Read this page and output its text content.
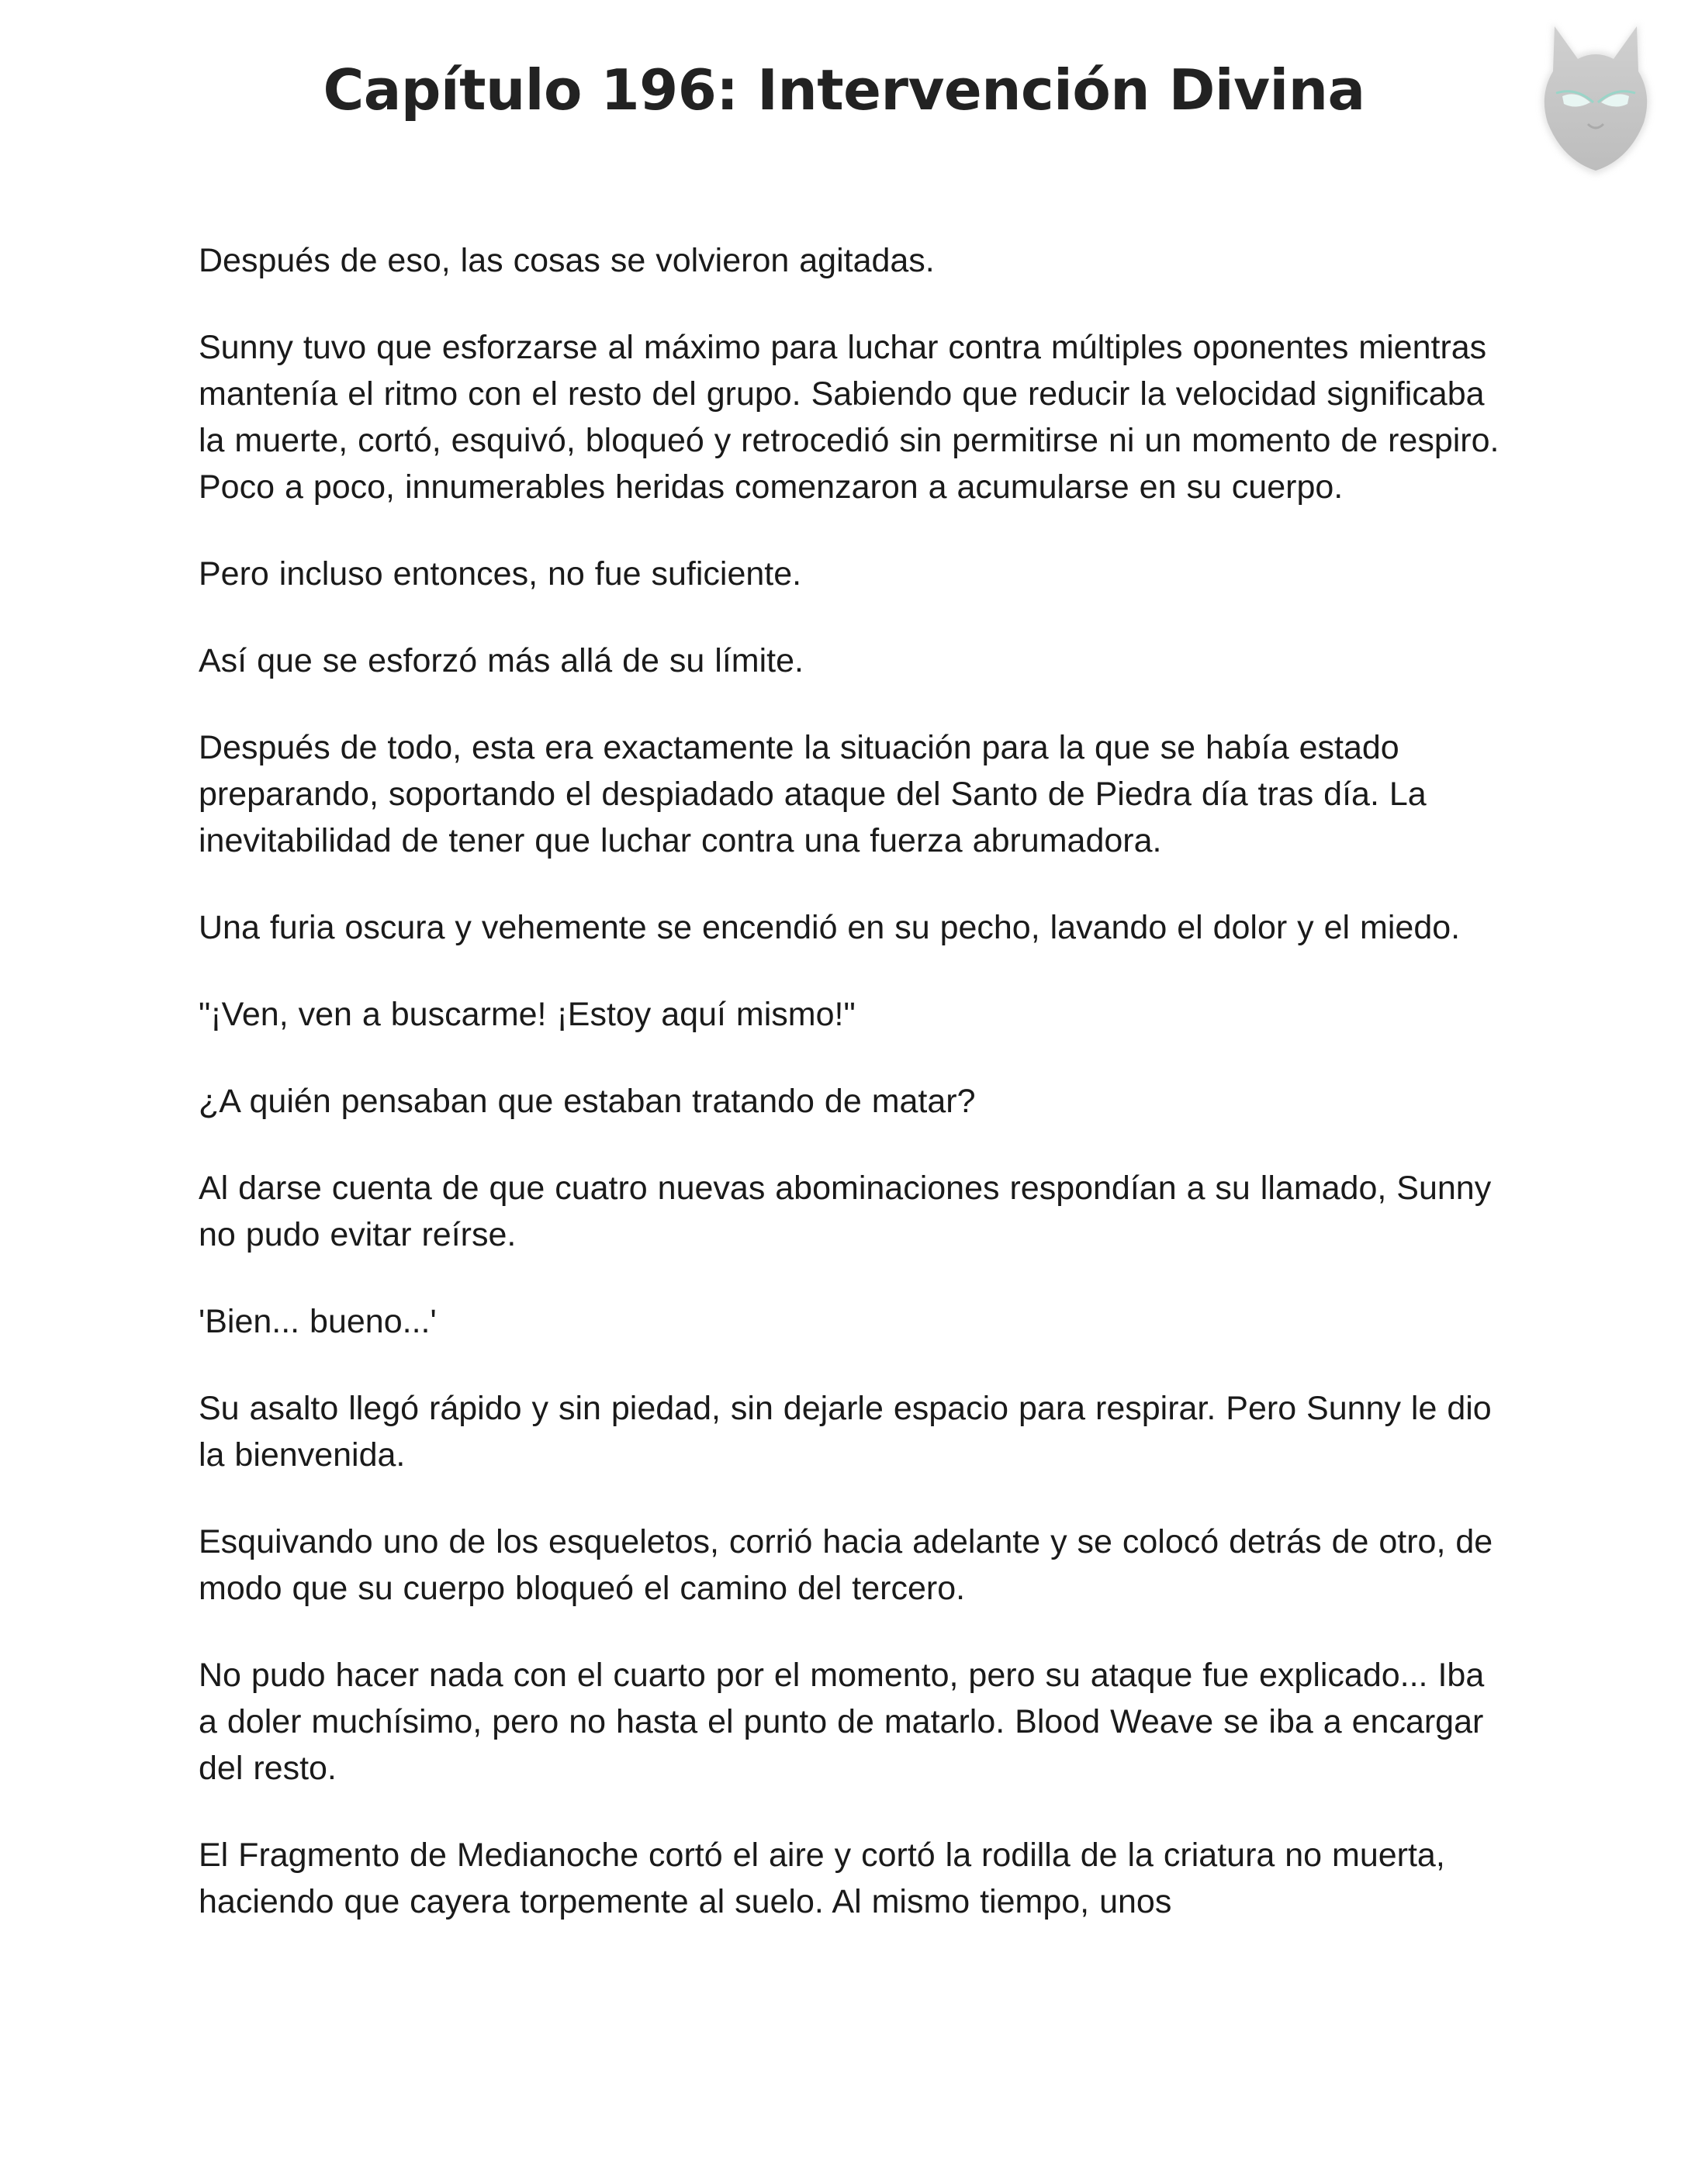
Capítulo 196: Intervención Divina

Después de eso, las cosas se volvieron agitadas.

Sunny tuvo que esforzarse al máximo para luchar contra múltiples oponentes mientras mantenía el ritmo con el resto del grupo. Sabiendo que reducir la velocidad significaba la muerte, cortó, esquivó, bloqueó y retrocedió sin permitirse ni un momento de respiro. Poco a poco, innumerables heridas comenzaron a acumularse en su cuerpo.

Pero incluso entonces, no fue suficiente.

Así que se esforzó más allá de su límite.

Después de todo, esta era exactamente la situación para la que se había estado preparando, soportando el despiadado ataque del Santo de Piedra día tras día. La inevitabilidad de tener que luchar contra una fuerza abrumadora.

Una furia oscura y vehemente se encendió en su pecho, lavando el dolor y el miedo.

"¡Ven, ven a buscarme! ¡Estoy aquí mismo!"

¿A quién pensaban que estaban tratando de matar?

Al darse cuenta de que cuatro nuevas abominaciones respondían a su llamado, Sunny no pudo evitar reírse.

'Bien... bueno...'

Su asalto llegó rápido y sin piedad, sin dejarle espacio para respirar. Pero Sunny le dio la bienvenida.

Esquivando uno de los esqueletos, corrió hacia adelante y se colocó detrás de otro, de modo que su cuerpo bloqueó el camino del tercero.

No pudo hacer nada con el cuarto por el momento, pero su ataque fue explicado... Iba a doler muchísimo, pero no hasta el punto de matarlo. Blood Weave se iba a encargar del resto.

El Fragmento de Medianoche cortó el aire y cortó la rodilla de la criatura no muerta, haciendo que cayera torpemente al suelo. Al mismo tiempo, unos
